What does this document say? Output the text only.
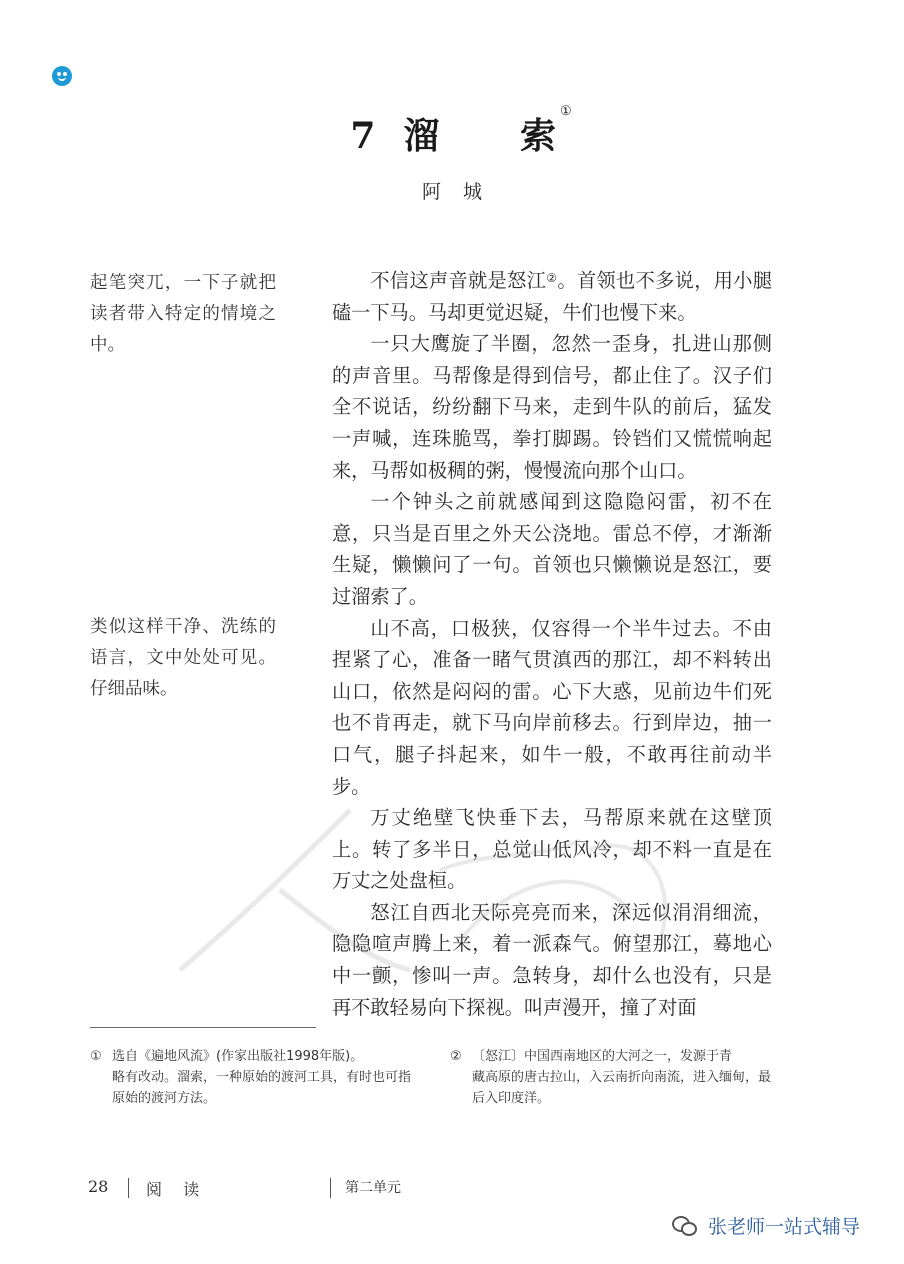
7 溜 索①
阿城
起笔突兀，一下子就把读者带入特定的情境之中。
类似这样干净、洗练的语言，文中处处可见。仔细品味。

不信这声音就是怒江②。首领也不多说，用小腿磕一下马。马却更觉迟疑，牛们也慢下来。

一只大鹰旋了半圈，忽然一歪身，扎进山那侧的声音里。马帮像是得到信号，都止住了。汉子们全不说话，纷纷翻下马来，走到牛队的前后，猛发一声喊，连珠脆骂，拳打脚踢。铃铛们又慌慌响起来，马帮如极稠的粥，慢慢流向那个山口。

一个钟头之前就感闻到这隐隐闷雷，初不在意，只当是百里之外天公浇地。雷总不停，才渐渐生疑，懒懒问了一句。首领也只懒懒说是怒江，要过溜索了。

山不高，口极狭，仅容得一个半牛过去。不由捏紧了心，准备一睹气贯滇西的那江，却不料转出山口，依然是闷闷的雷。心下大惑，见前边牛们死也不肯再走，就下马向岸前移去。行到岸边，抽一口气，腿子抖起来，如牛一般，不敢再往前动半步。

万丈绝壁飞快垂下去，马帮原来就在这壁顶上。转了多半日，总觉山低风冷，却不料一直是在万丈之处盘桓。

怒江自西北天际亮亮而来，深远似涓涓细流，隐隐喧声腾上来，着一派森气。俯望那江，蓦地心中一颤，惨叫一声。急转身，却什么也没有，只是再不敢轻易向下探视。叫声漫开，撞了对面

① 选自《遍地风流》(作家出版社1998年版)。
略有改动。溜索，一种原始的渡河工具，有时也可指原始的渡河方法。
② 〔怒江〕中国西南地区的大河之一，发源于青
藏高原的唐古拉山，入云南折向南流，进入缅甸，最后入印度洋。
28 阅 读	第二单元
张老师一站式辅导
